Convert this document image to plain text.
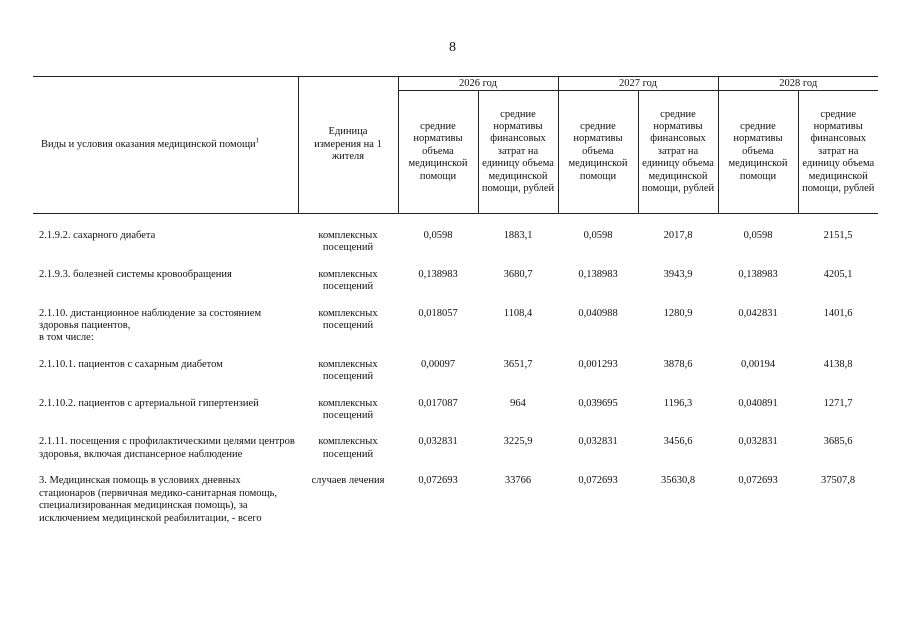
8
Виды и условия оказания медицинской помощи$^1$	Единица измерения на 1 жителя	2026 год		2027 год		2028 год	
		средние нормативы объема медицинской помощи	средние нормативы финансовых затрат на единицу объема медицинской помощи, рублей	средние нормативы объема медицинской помощи	средние нормативы финансовых затрат на единицу объема медицинской помощи, рублей	средние нормативы объема медицинской помощи	средние нормативы финансовых затрат на единицу объема медицинской помощи, рублей

2.1.9.2. сахарного диабета	комплексных посещений	0,0598	1883,1	0,0598	2017,8	0,0598	2151,5
2.1.9.3. болезней системы кровообращения	комплексных посещений	0,138983	3680,7	0,138983	3943,9	0,138983	4205,1
2.1.10. дистанционное наблюдение за состоянием здоровья пациентов,
в том числе:	комплексных посещений	0,018057	1108,4	0,040988	1280,9	0,042831	1401,6
2.1.10.1. пациентов с сахарным диабетом	комплексных посещений	0,00097	3651,7	0,001293	3878,6	0,00194	4138,8
2.1.10.2. пациентов с артериальной гипертензией	комплексных посещений	0,017087	964	0,039695	1196,3	0,040891	1271,7
2.1.11. посещения с профилактическими целями центров здоровья, включая диспансерное наблюдение	комплексных посещений	0,032831	3225,9	0,032831	3456,6	0,032831	3685,6
3. Медицинская помощь в условиях дневных стационаров (первичная медико-санитарная помощь, специализированная медицинская помощь), за исключением медицинской реабилитации, - всего	случаев лечения	0,072693	33766	0,072693	35630,8	0,072693	37507,8
